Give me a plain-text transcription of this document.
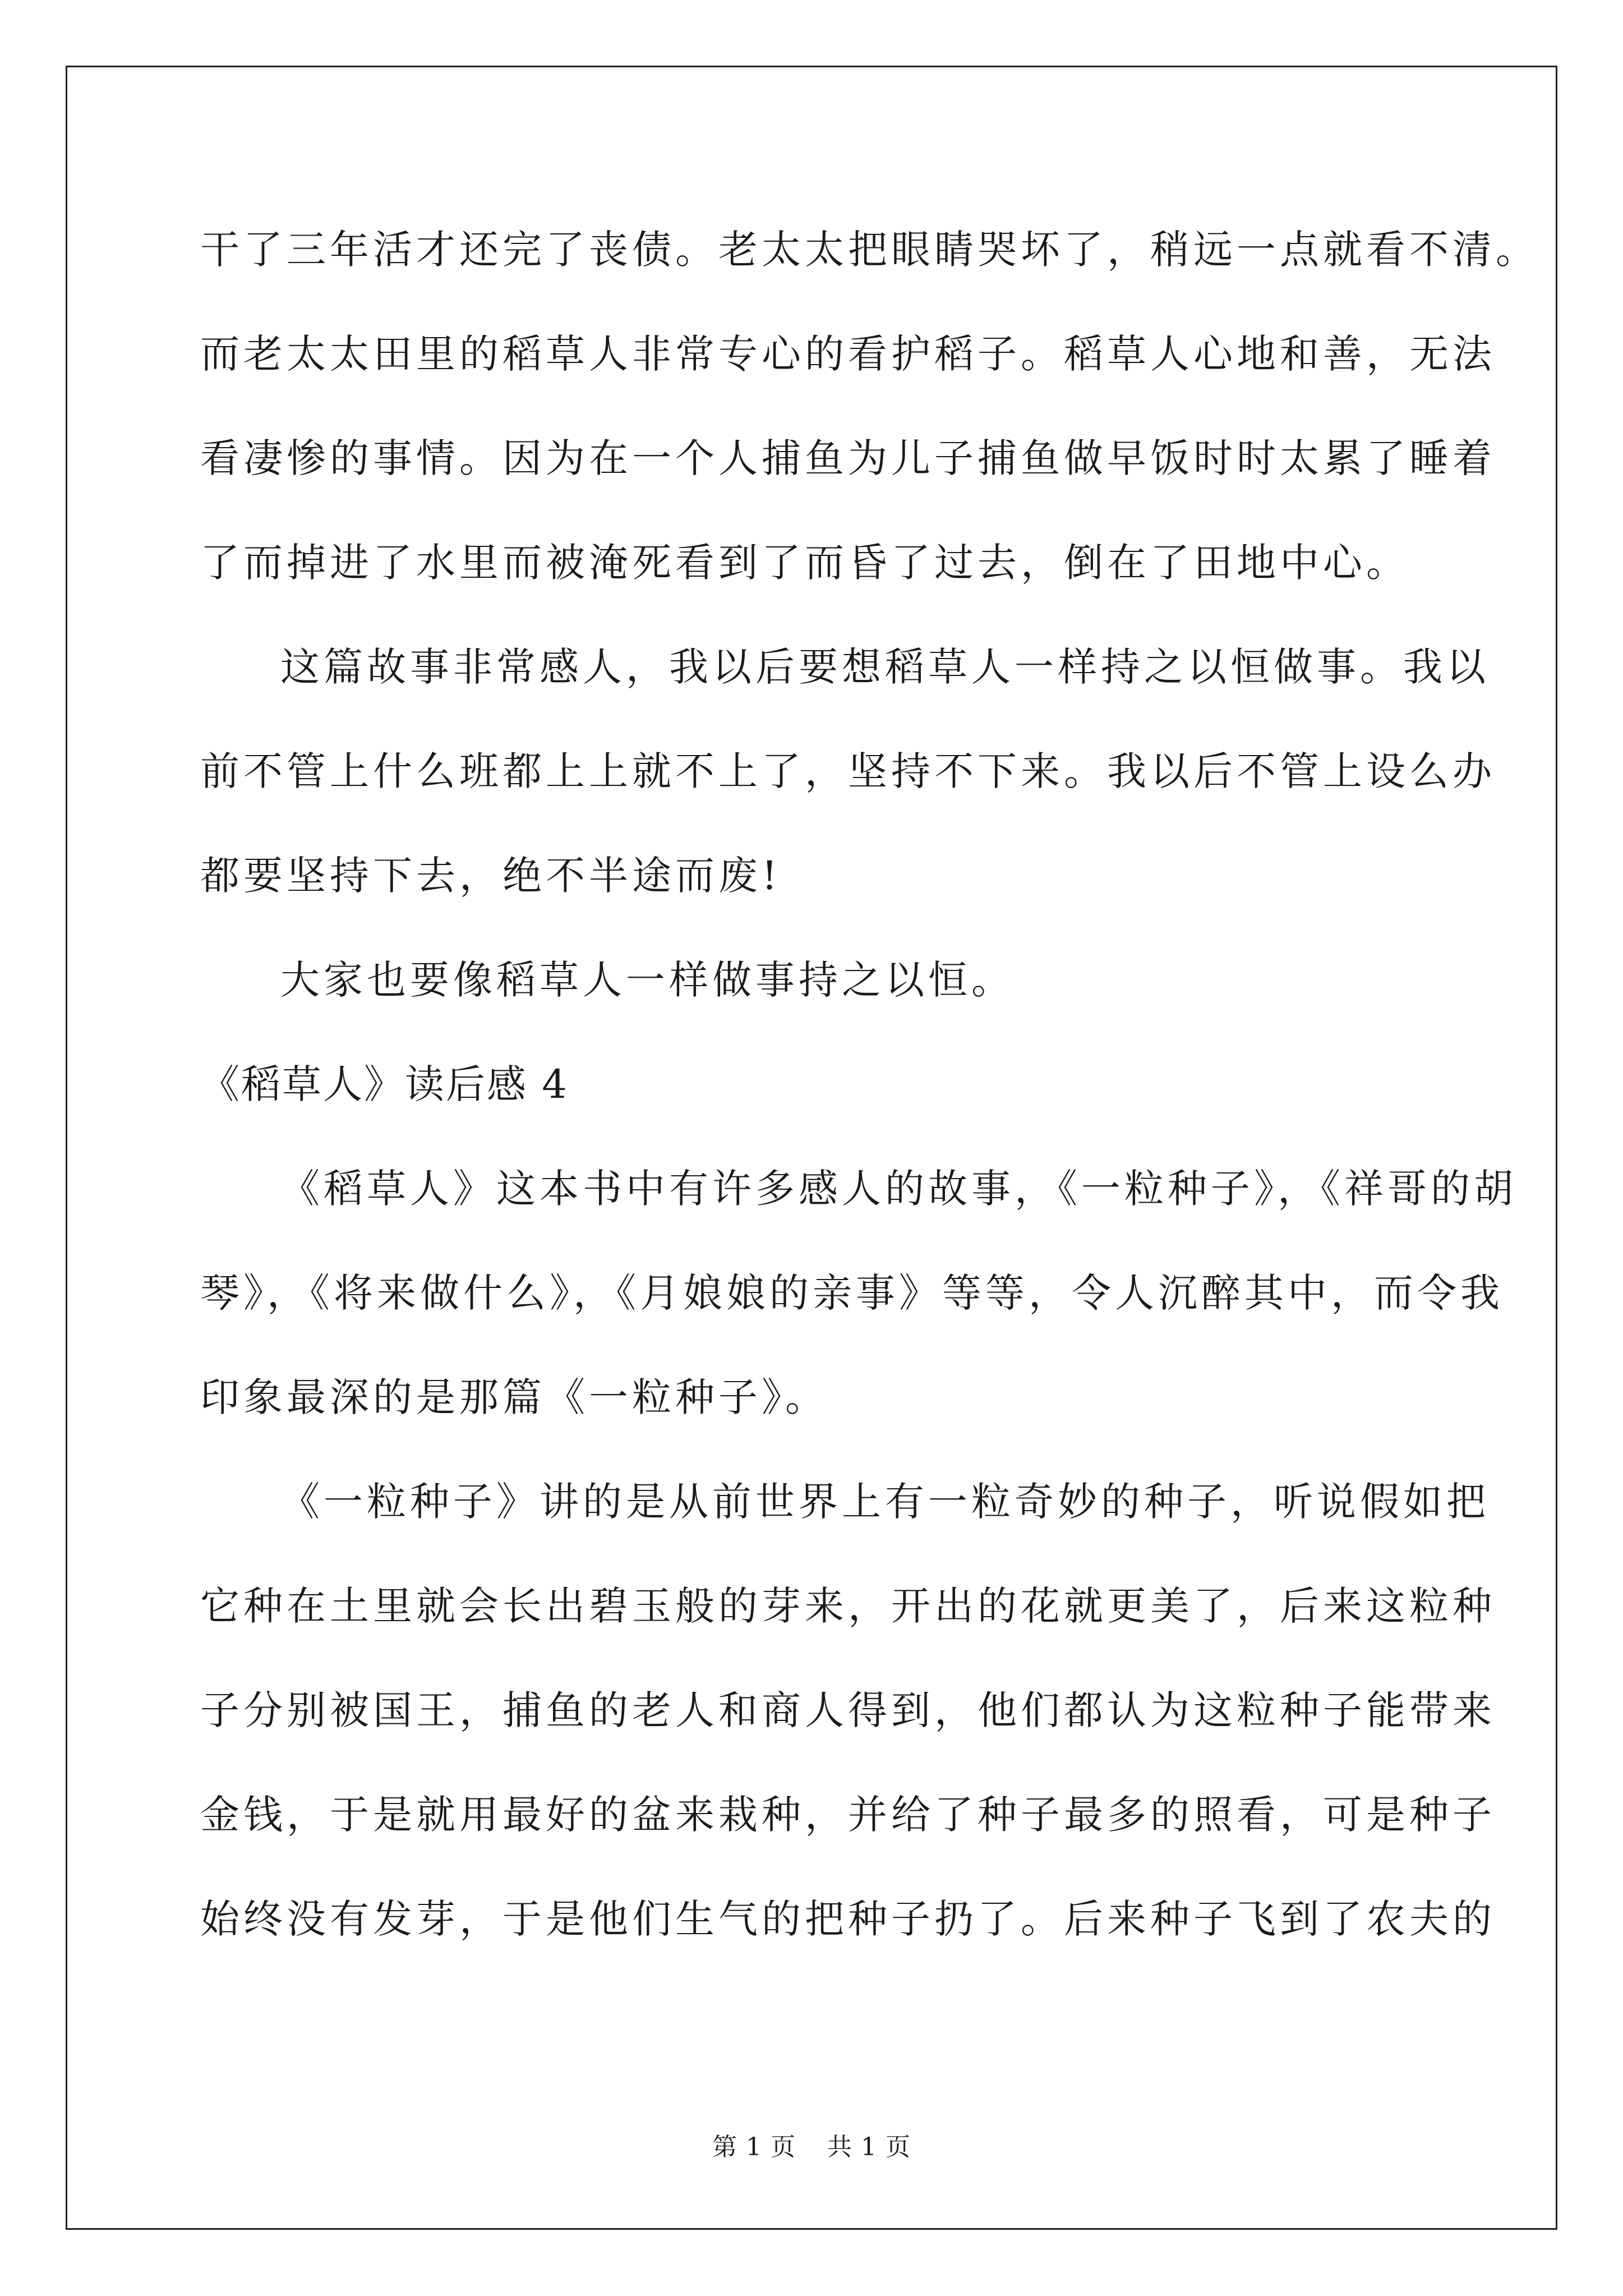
干了三年活才还完了丧债。老太太把眼睛哭坏了，稍远一点就看不清。
而老太太田里的稻草人非常专心的看护稻子。稻草人心地和善，无法
看凄惨的事情。因为在一个人捕鱼为儿子捕鱼做早饭时时太累了睡着
了而掉进了水里而被淹死看到了而昏了过去，倒在了田地中心。
这篇故事非常感人，我以后要想稻草人一样持之以恒做事。我以
前不管上什么班都上上就不上了，坚持不下来。我以后不管上设么办
都要坚持下去，绝不半途而废!
大家也要像稻草人一样做事持之以恒。
《稻草人》读后感 4
《稻草人》这本书中有许多感人的故事，《一粒种子》，《祥哥的胡
琴》，《将来做什么》，《月娘娘的亲事》等等，令人沉醉其中，而令我
印象最深的是那篇《一粒种子》。
《一粒种子》讲的是从前世界上有一粒奇妙的种子，听说假如把
它种在土里就会长出碧玉般的芽来，开出的花就更美了，后来这粒种
子分别被国王，捕鱼的老人和商人得到，他们都认为这粒种子能带来
金钱，于是就用最好的盆来栽种，并给了种子最多的照看，可是种子
始终没有发芽，于是他们生气的把种子扔了。后来种子飞到了农夫的
第 1 页 共 1 页
